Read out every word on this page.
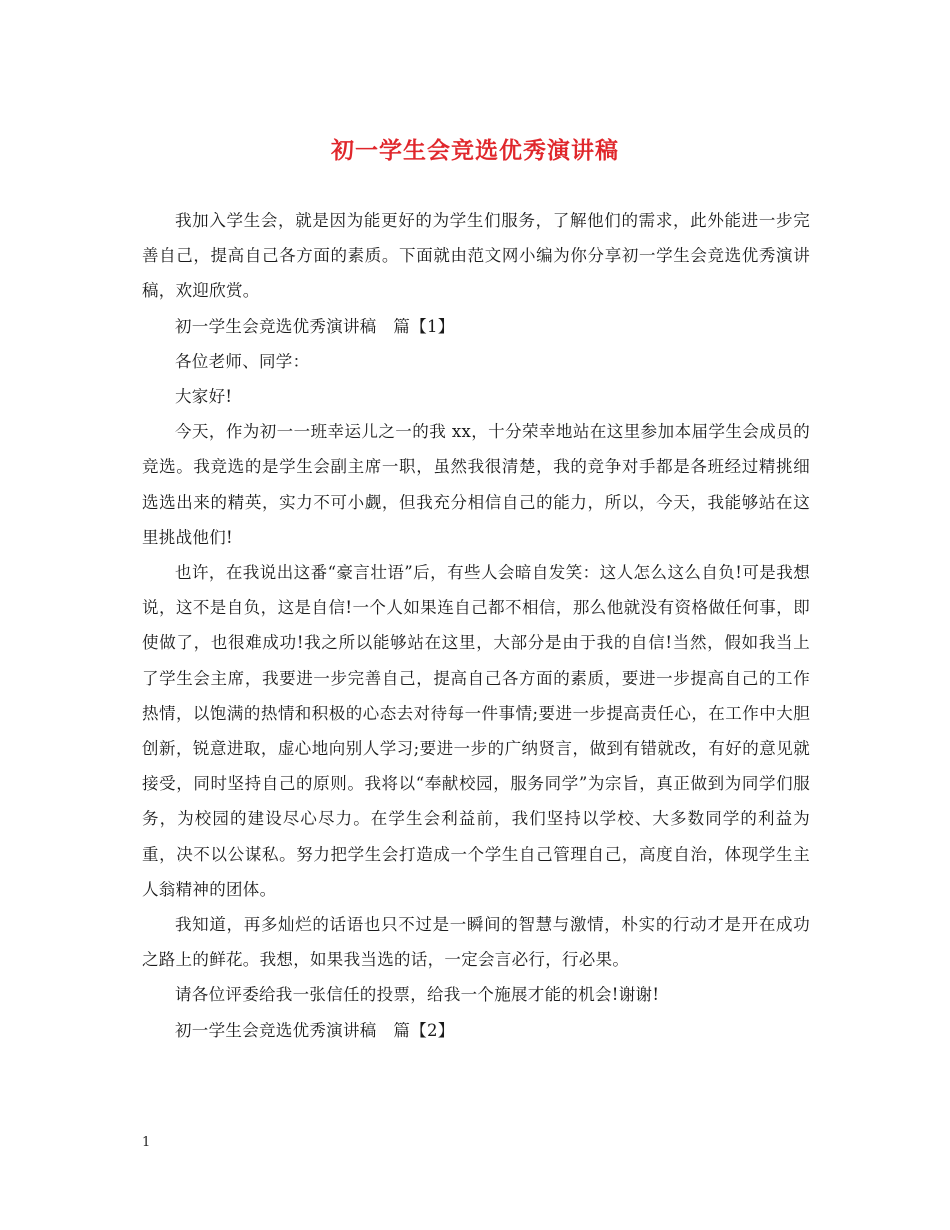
初一学生会竞选优秀演讲稿

我加入学生会，就是因为能更好的为学生们服务，了解他们的需求，此外能进一步完善自己，提高自己各方面的素质。下面就由范文网小编为你分享初一学生会竞选优秀演讲稿，欢迎欣赏。

初一学生会竞选优秀演讲稿　篇【1】

各位老师、同学：

大家好!

今天，作为初一一班幸运儿之一的我 xx，十分荣幸地站在这里参加本届学生会成员的竞选。我竞选的是学生会副主席一职，虽然我很清楚，我的竞争对手都是各班经过精挑细选选出来的精英，实力不可小觑，但我充分相信自己的能力，所以，今天，我能够站在这里挑战他们!

也许，在我说出这番“豪言壮语”后，有些人会暗自发笑：这人怎么这么自负!可是我想说，这不是自负，这是自信!一个人如果连自己都不相信，那么他就没有资格做任何事，即使做了，也很难成功!我之所以能够站在这里，大部分是由于我的自信!当然，假如我当上了学生会主席，我要进一步完善自己，提高自己各方面的素质，要进一步提高自己的工作热情，以饱满的热情和积极的心态去对待每一件事情;要进一步提高责任心，在工作中大胆创新，锐意进取，虚心地向别人学习;要进一步的广纳贤言，做到有错就改，有好的意见就接受，同时坚持自己的原则。我将以“奉献校园，服务同学”为宗旨，真正做到为同学们服务，为校园的建设尽心尽力。在学生会利益前，我们坚持以学校、大多数同学的利益为重，决不以公谋私。努力把学生会打造成一个学生自己管理自己，高度自治，体现学生主人翁精神的团体。

我知道，再多灿烂的话语也只不过是一瞬间的智慧与激情，朴实的行动才是开在成功之路上的鲜花。我想，如果我当选的话，一定会言必行，行必果。

请各位评委给我一张信任的投票，给我一个施展才能的机会!谢谢!

初一学生会竞选优秀演讲稿　篇【2】

1
